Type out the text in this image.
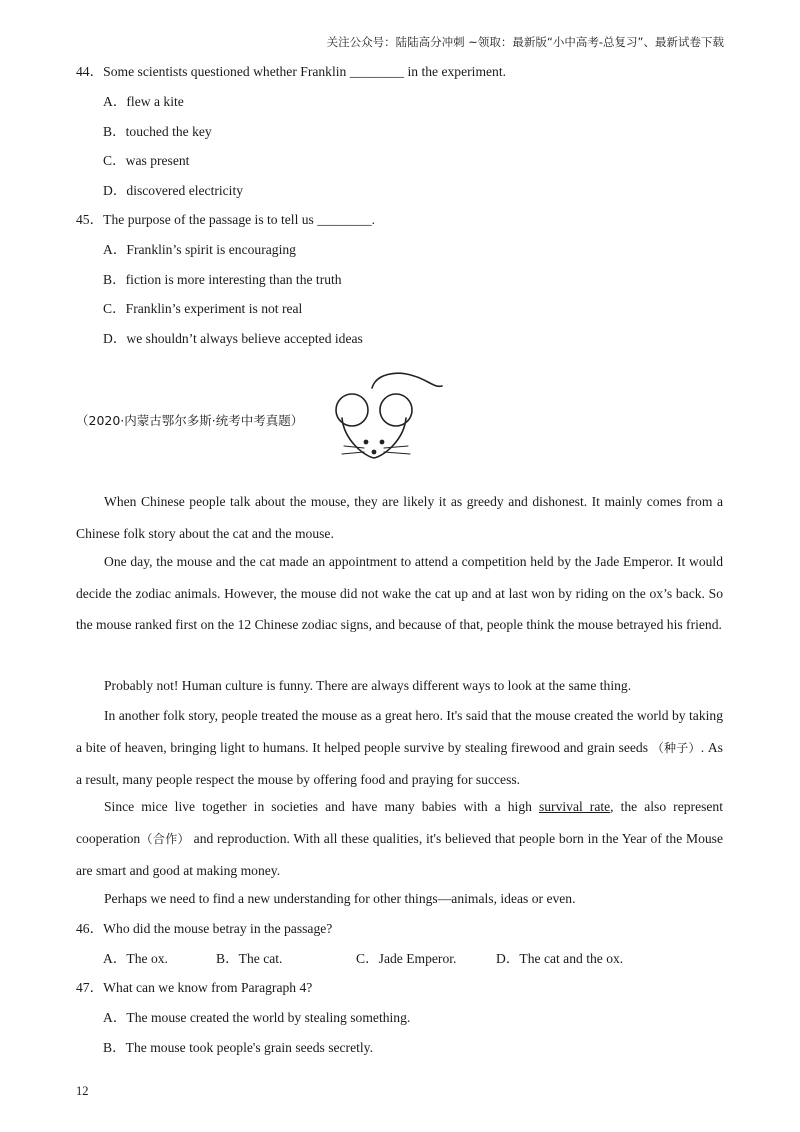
关注公众号：陆陆高分冲刺 ~领取：最新版“小中高考-总复习”、最新试卷下载
44．Some scientists questioned whether Franklin ________ in the experiment.
A．flew a kite
B．touched the key
C．was present
D．discovered electricity
45．The purpose of the passage is to tell us ________.
A．Franklin’s spirit is encouraging
B．fiction is more interesting than the truth
C．Franklin’s experiment is not real
D．we shouldn’t always believe accepted ideas
（2020·内蒙古鄂尔多斯·统考中考真题）
When Chinese people talk about the mouse, they are likely it as greedy and dishonest. It mainly comes from a Chinese folk story about the cat and the mouse.
One day, the mouse and the cat made an appointment to attend a competition held by the Jade Emperor. It would decide the zodiac animals. However, the mouse did not wake the cat up and at last won by riding on the ox’s back. So the mouse ranked first on the 12 Chinese zodiac signs, and because of that, people think the mouse betrayed his friend.
Probably not! Human culture is funny. There are always different ways to look at the same thing.
In another folk story, people treated the mouse as a great hero. It's said that the mouse created the world by taking a bite of heaven, bringing light to humans. It helped people survive by stealing firewood and grain seeds （种子）. As a result, many people respect the mouse by offering food and praying for success.
Since mice live together in societies and have many babies with a high survival rate, the also represent cooperation（合作） and reproduction. With all these qualities, it's believed that people born in the Year of the Mouse are smart and good at making money.
Perhaps we need to find a new understanding for other things—animals, ideas or even.
46．Who did the mouse betray in the passage?
A．The ox.	B．The cat.	C．Jade Emperor.	D．The cat and the ox.
47．What can we know from Paragraph 4?
A．The mouse created the world by stealing something.
B．The mouse took people's grain seeds secretly.
12
